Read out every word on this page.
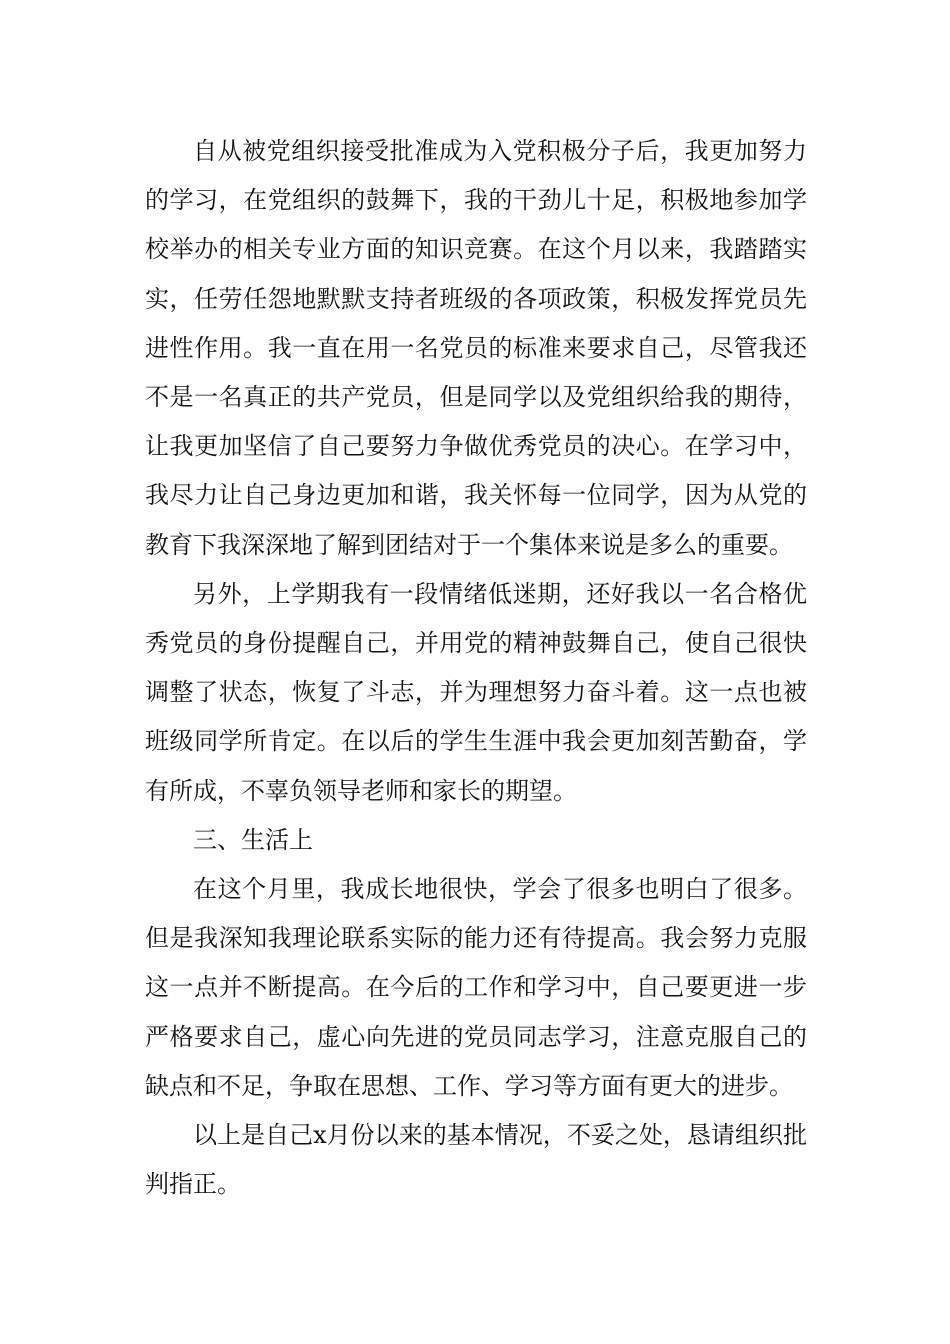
自从被党组织接受批准成为入党积极分子后，我更加努力的学习，在党组织的鼓舞下，我的干劲儿十足，积极地参加学校举办的相关专业方面的知识竞赛。在这个月以来，我踏踏实实，任劳任怨地默默支持者班级的各项政策，积极发挥党员先进性作用。我一直在用一名党员的标准来要求自己，尽管我还不是一名真正的共产党员，但是同学以及党组织给我的期待，让我更加坚信了自己要努力争做优秀党员的决心。在学习中，我尽力让自己身边更加和谐，我关怀每一位同学，因为从党的教育下我深深地了解到团结对于一个集体来说是多么的重要。

另外，上学期我有一段情绪低迷期，还好我以一名合格优秀党员的身份提醒自己，并用党的精神鼓舞自己，使自己很快调整了状态，恢复了斗志，并为理想努力奋斗着。这一点也被班级同学所肯定。在以后的学生生涯中我会更加刻苦勤奋，学有所成，不辜负领导老师和家长的期望。

三、生活上

在这个月里，我成长地很快，学会了很多也明白了很多。但是我深知我理论联系实际的能力还有待提高。我会努力克服这一点并不断提高。在今后的工作和学习中，自己要更进一步严格要求自己，虚心向先进的党员同志学习，注意克服自己的缺点和不足，争取在思想、工作、学习等方面有更大的进步。

以上是自己x月份以来的基本情况，不妥之处，恳请组织批判指正。
